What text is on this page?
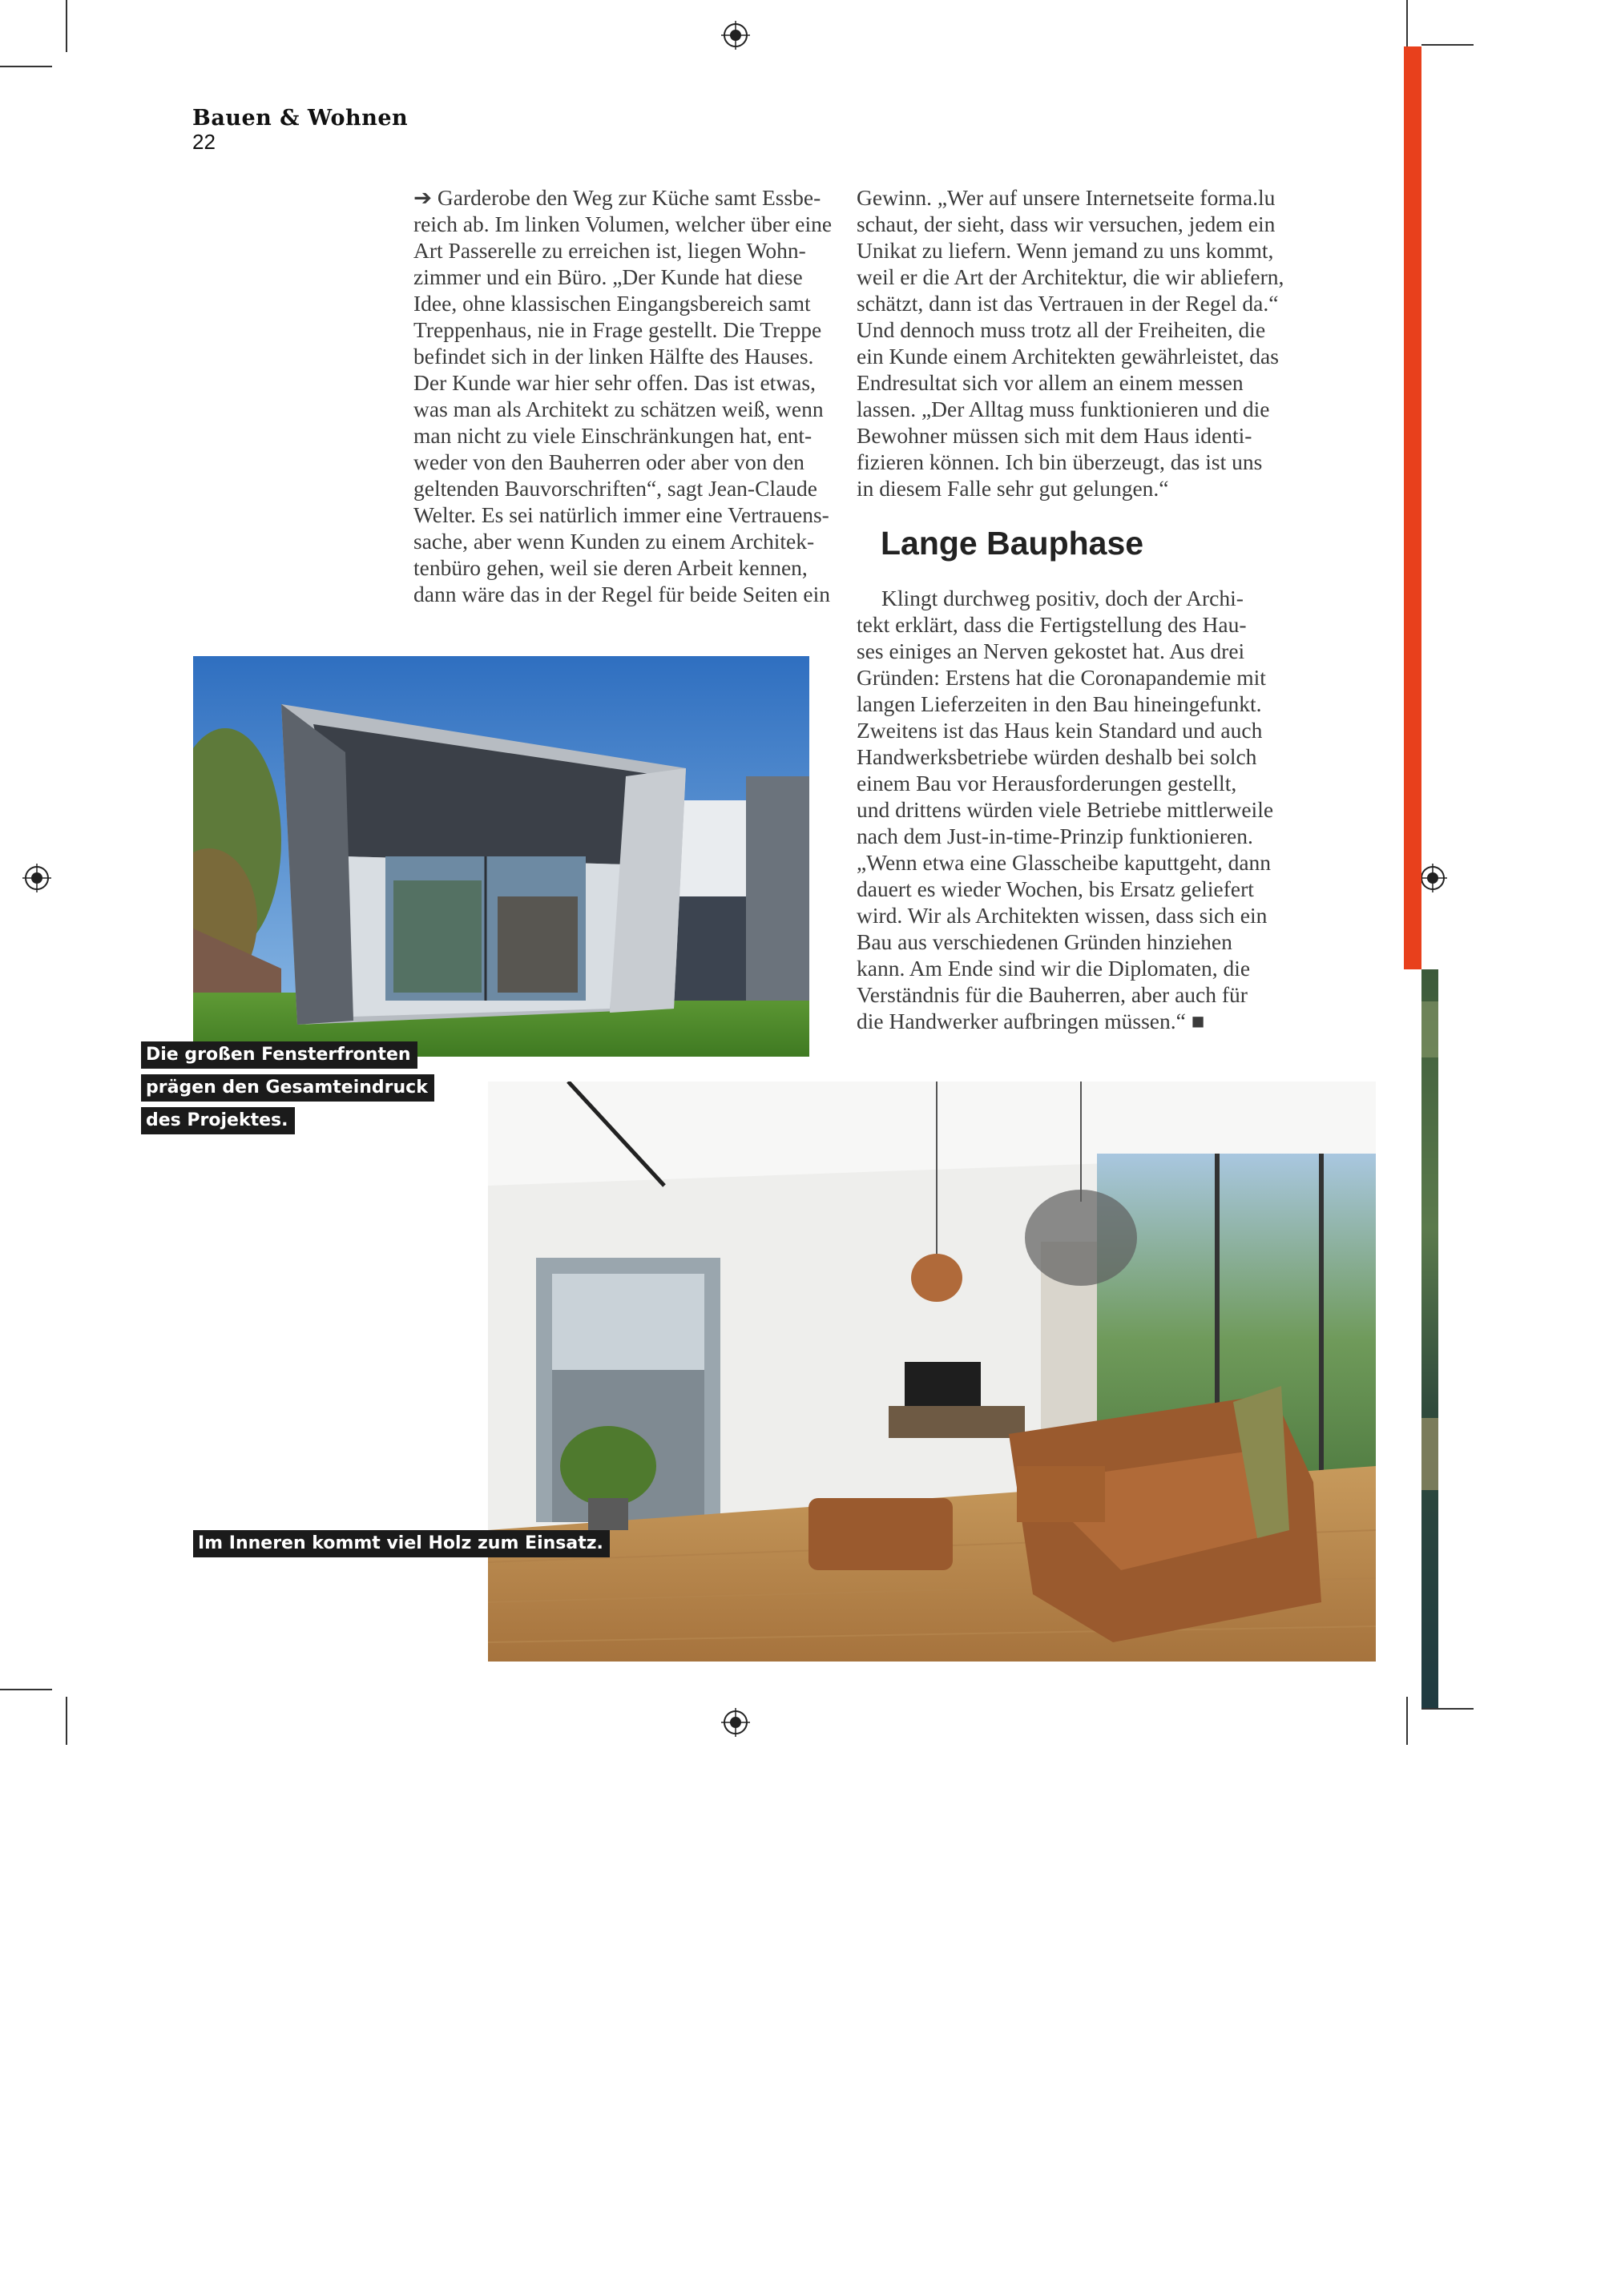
Bauen & Wohnen
22
➔ Garderobe den Weg zur Küche samt Essbe-
reich ab. Im linken Volumen, welcher über eine
Art Passerelle zu erreichen ist, liegen Wohn-
zimmer und ein Büro. „Der Kunde hat diese
Idee, ohne klassischen Eingangsbereich samt
Treppenhaus, nie in Frage gestellt. Die Treppe
befindet sich in der linken Hälfte des Hauses.
Der Kunde war hier sehr offen. Das ist etwas,
was man als Architekt zu schätzen weiß, wenn
man nicht zu viele Einschränkungen hat, ent-
weder von den Bauherren oder aber von den
geltenden Bauvorschriften“, sagt Jean-Claude
Welter. Es sei natürlich immer eine Vertrauens-
sache, aber wenn Kunden zu einem Architek-
tenbüro gehen, weil sie deren Arbeit kennen,
dann wäre das in der Regel für beide Seiten ein
Gewinn. „Wer auf unsere Internetseite forma.lu
schaut, der sieht, dass wir versuchen, jedem ein
Unikat zu liefern. Wenn jemand zu uns kommt,
weil er die Art der Architektur, die wir abliefern,
schätzt, dann ist das Vertrauen in der Regel da.“
Und dennoch muss trotz all der Freiheiten, die
ein Kunde einem Architekten gewährleistet, das
Endresultat sich vor allem an einem messen
lassen. „Der Alltag muss funktionieren und die
Bewohner müssen sich mit dem Haus identi-
fizieren können. Ich bin überzeugt, das ist uns
in diesem Falle sehr gut gelungen.“
Lange Bauphase
Klingt durchweg positiv, doch der Archi-
tekt erklärt, dass die Fertigstellung des Hau-
ses einiges an Nerven gekostet hat. Aus drei
Gründen: Erstens hat die Coronapandemie mit
langen Lieferzeiten in den Bau hineingefunkt.
Zweitens ist das Haus kein Standard und auch
Handwerksbetriebe würden deshalb bei solch
einem Bau vor Herausforderungen gestellt,
und drittens würden viele Betriebe mittlerweile
nach dem Just-in-time-Prinzip funktionieren.
„Wenn etwa eine Glasscheibe kaputtgeht, dann
dauert es wieder Wochen, bis Ersatz geliefert
wird. Wir als Architekten wissen, dass sich ein
Bau aus verschiedenen Gründen hinziehen
kann. Am Ende sind wir die Diplomaten, die
Verständnis für die Bauherren, aber auch für
die Handwerker aufbringen müssen.“ ■
Die großen Fensterfronten
prägen den Gesamteindruck
des Projektes.
Im Inneren kommt viel Holz zum Einsatz.
